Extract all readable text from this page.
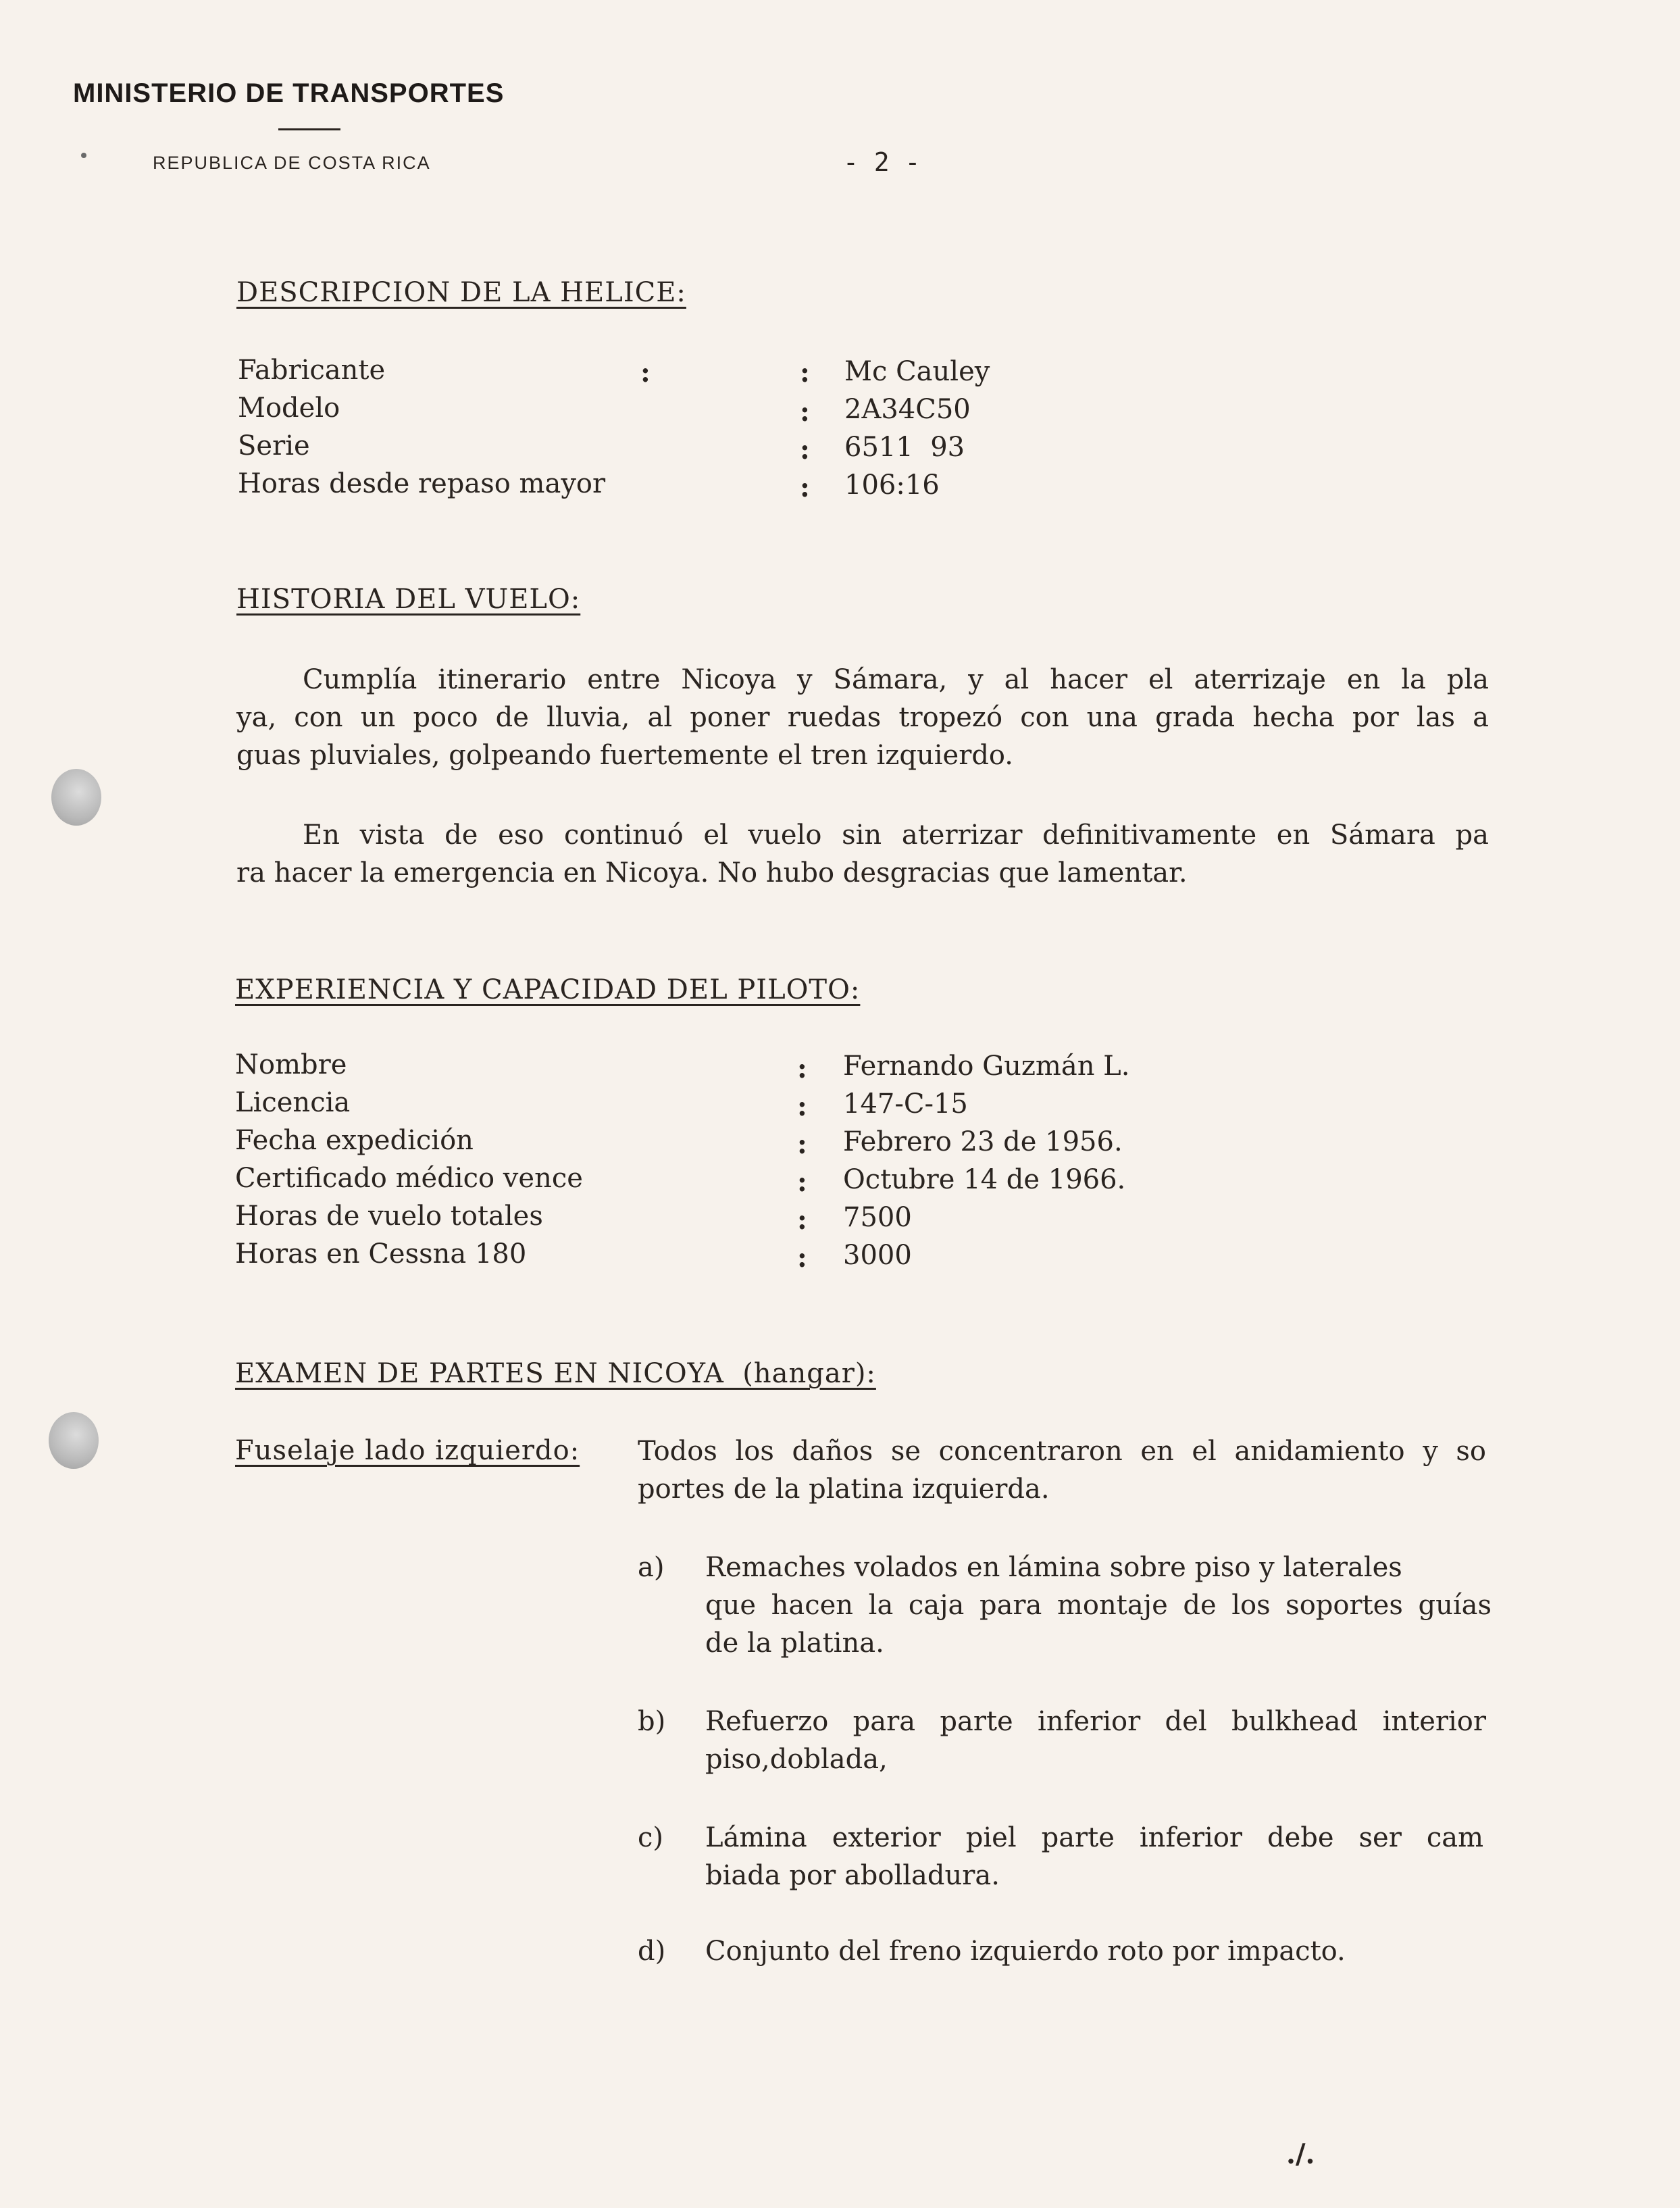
MINISTERIO DE TRANSPORTES
REPUBLICA DE COSTA RICA	- 2 -
DESCRIPCION DE LA HELICE:
Fabricante	:	: Mc Cauley
Modelo	: 2A34C50
Serie	: 6511  93
Horas desde repaso mayor	: 106:16
HISTORIA DEL VUELO:
Cumplía itinerario entre Nicoya y Sámara, y al hacer el aterrizaje en la pla
ya, con un poco de lluvia, al poner ruedas tropezó con una grada hecha por las a
guas pluviales, golpeando fuertemente el tren izquierdo.
En vista de eso continuó el vuelo sin aterrizar definitivamente en Sámara pa
ra hacer la emergencia en Nicoya. No hubo desgracias que lamentar.
EXPERIENCIA Y CAPACIDAD DEL PILOTO:
Nombre	: Fernando Guzmán L.
Licencia	: 147-C-15
Fecha expedición	: Febrero 23 de 1956.
Certificado médico vence	: Octubre 14 de 1966.
Horas de vuelo totales	: 7500
Horas en Cessna 180	: 3000
EXAMEN DE PARTES EN NICOYA  (hangar):
Fuselaje lado izquierdo: Todos los daños se concentraron en el anidamiento y so
portes de la platina izquierda.
a) Remaches volados en lámina sobre piso y laterales
que hacen la caja para montaje de los soportes guías
de la platina.
b) Refuerzo para parte inferior del bulkhead interior
piso,doblada,
c) Lámina exterior piel parte inferior debe ser cam
biada por abolladura.
d) Conjunto del freno izquierdo roto por impacto.
./.
